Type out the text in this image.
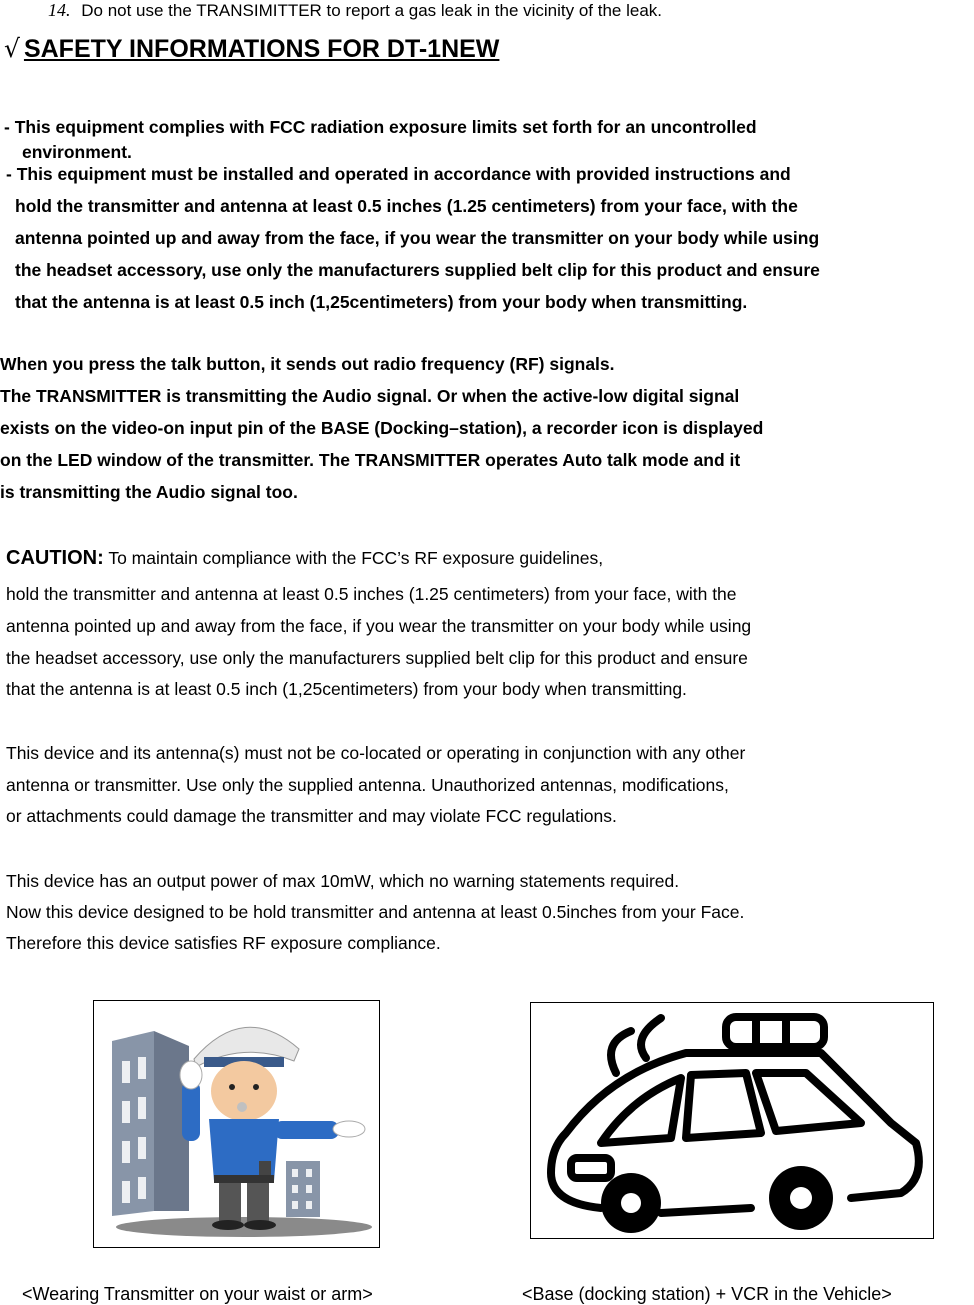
14. Do not use the TRANSIMITTER to report a gas leak in the vicinity of the leak.
√ SAFETY INFORMATIONS FOR DT-1NEW
- This equipment complies with FCC radiation exposure limits set forth for an uncontrolled
environment.
- This equipment must be installed and operated in accordance with provided instructions and
hold the transmitter and antenna at least 0.5 inches (1.25 centimeters) from your face, with the
antenna pointed up and away from the face, if you wear the transmitter on your body while using
the headset accessory, use only the manufacturers supplied belt clip for this product and ensure
that the antenna is at least 0.5 inch (1,25centimeters) from your body when transmitting.
When you press the talk button, it sends out radio frequency (RF) signals.
The TRANSMITTER is transmitting the Audio signal. Or when the active-low digital signal
exists on the video-on input pin of the BASE (Docking–station), a recorder icon is displayed
on the LED window of the transmitter. The TRANSMITTER operates Auto talk mode and it
is transmitting the Audio signal too.
CAUTION: To maintain compliance with the FCC’s RF exposure guidelines,
hold the transmitter and antenna at least 0.5 inches (1.25 centimeters) from your face, with the
antenna pointed up and away from the face, if you wear the transmitter on your body while using
the headset accessory, use only the manufacturers supplied belt clip for this product and ensure
that the antenna is at least 0.5 inch (1,25centimeters) from your body when transmitting.
This device and its antenna(s) must not be co-located or operating in conjunction with any other
antenna or transmitter. Use only the supplied antenna. Unauthorized antennas, modifications,
or attachments could damage the transmitter and may violate FCC regulations.
This device has an output power of max 10mW, which no warning statements required.
Now this device designed to be hold transmitter and antenna at least 0.5inches from your Face.
Therefore this device satisfies RF exposure compliance.
<Wearing Transmitter on your waist or arm>	<Base (docking station) + VCR in the Vehicle>
